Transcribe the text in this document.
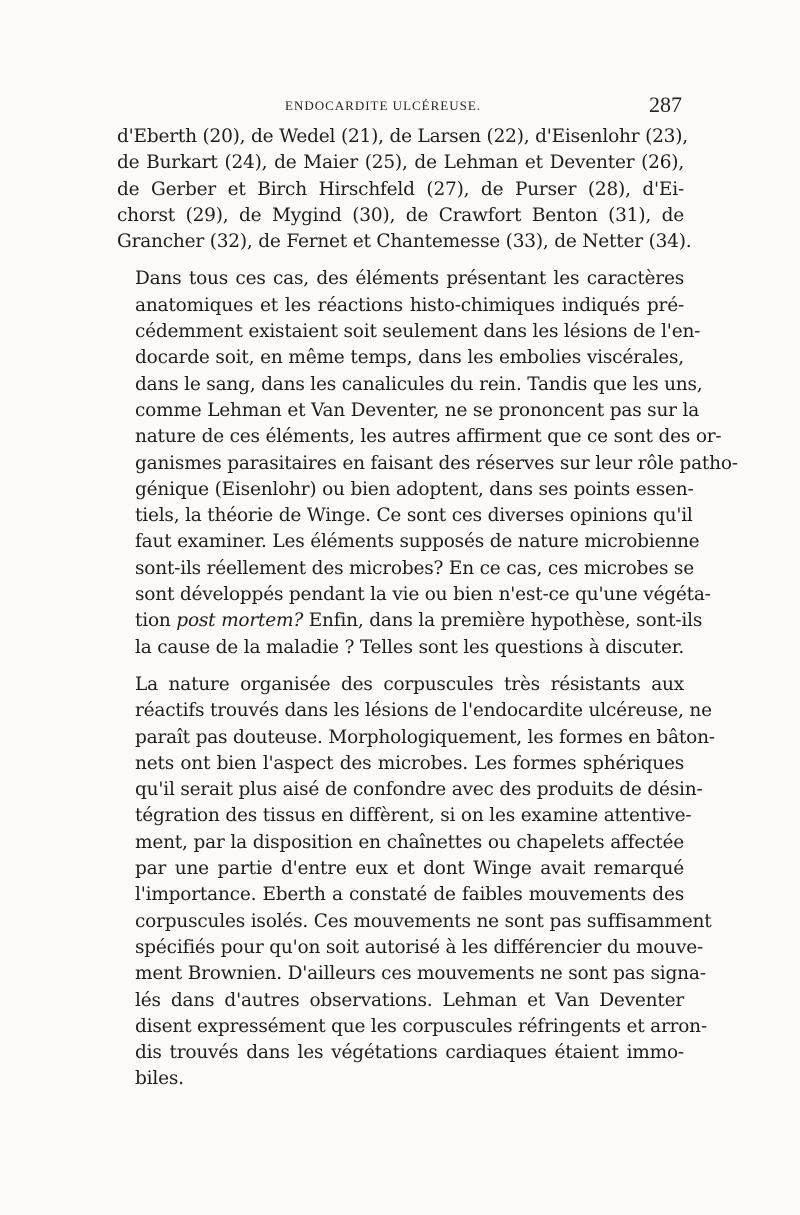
ENDOCARDITE ULCÉREUSE.	287

d'Eberth (20), de Wedel (21), de Larsen (22), d'Eisenlohr (23),
de Burkart (24), de Maier (25), de Lehman et Deventer (26),
de Gerber et Birch Hirschfeld (27), de Purser (28), d'Ei-
chorst (29), de Mygind (30), de Crawfort Benton (31), de
Grancher (32), de Fernet et Chantemesse (33), de Netter (34).

Dans tous ces cas, des éléments présentant les caractères
anatomiques et les réactions histo-chimiques indiqués pré-
cédemment existaient soit seulement dans les lésions de l'en-
docarde soit, en même temps, dans les embolies viscérales,
dans le sang, dans les canalicules du rein. Tandis que les uns,
comme Lehman et Van Deventer, ne se prononcent pas sur la
nature de ces éléments, les autres affirment que ce sont des or-
ganismes parasitaires en faisant des réserves sur leur rôle patho-
génique (Eisenlohr) ou bien adoptent, dans ses points essen-
tiels, la théorie de Winge. Ce sont ces diverses opinions qu'il
faut examiner. Les éléments supposés de nature microbienne
sont-ils réellement des microbes? En ce cas, ces microbes se
sont développés pendant la vie ou bien n'est-ce qu'une végéta-
tion post mortem? Enfin, dans la première hypothèse, sont-ils
la cause de la maladie ? Telles sont les questions à discuter.

La nature organisée des corpuscules très résistants aux
réactifs trouvés dans les lésions de l'endocardite ulcéreuse, ne
paraît pas douteuse. Morphologiquement, les formes en bâton-
nets ont bien l'aspect des microbes. Les formes sphériques
qu'il serait plus aisé de confondre avec des produits de désin-
tégration des tissus en diffèrent, si on les examine attentive-
ment, par la disposition en chaînettes ou chapelets affectée
par une partie d'entre eux et dont Winge avait remarqué
l'importance. Eberth a constaté de faibles mouvements des
corpuscules isolés. Ces mouvements ne sont pas suffisamment
spécifiés pour qu'on soit autorisé à les différencier du mouve-
ment Brownien. D'ailleurs ces mouvements ne sont pas signa-
lés dans d'autres observations. Lehman et Van Deventer
disent expressément que les corpuscules réfringents et arron-
dis trouvés dans les végétations cardiaques étaient immo-
biles.
